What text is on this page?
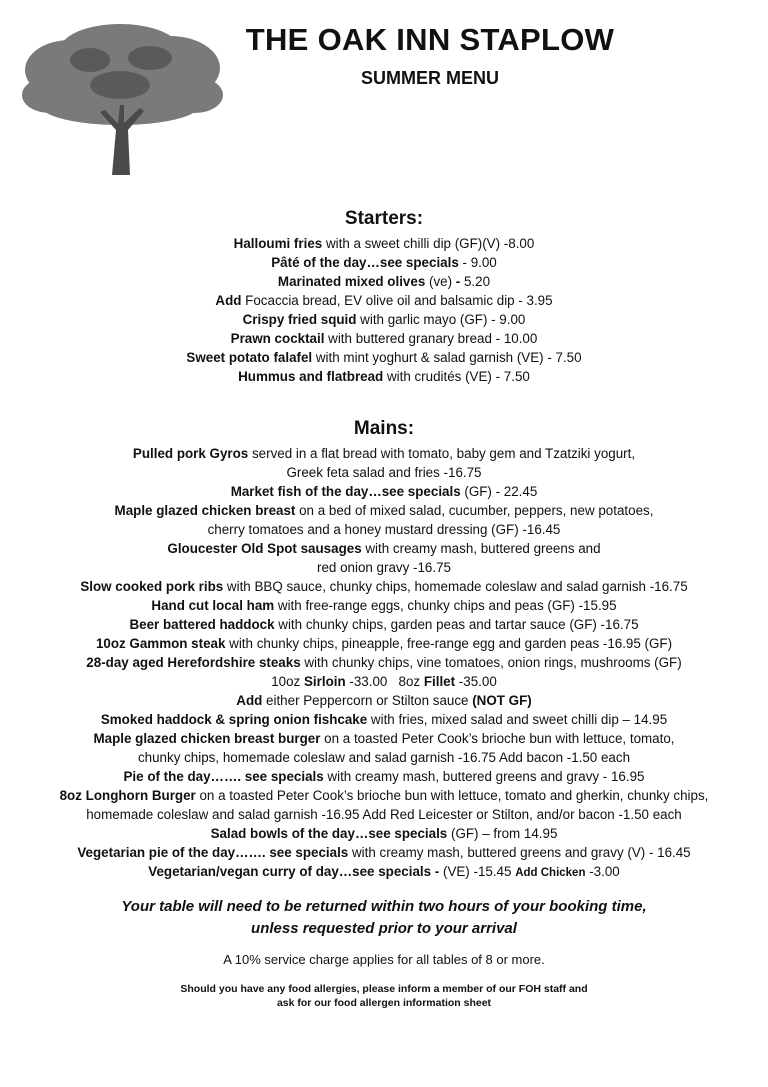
THE OAK INN STAPLOW
SUMMER MENU
Starters:
Halloumi fries with a sweet chilli dip (GF)(V) -8.00
Pâté of the day…see specials - 9.00
Marinated mixed olives (ve) - 5.20
Add Focaccia bread, EV olive oil and balsamic dip - 3.95
Crispy fried squid with garlic mayo (GF) - 9.00
Prawn cocktail with buttered granary bread - 10.00
Sweet potato falafel with mint yoghurt & salad garnish (VE) - 7.50
Hummus and flatbread with crudités (VE) - 7.50
Mains:
Pulled pork Gyros served in a flat bread with tomato, baby gem and Tzatziki yogurt,
Greek feta salad and fries -16.75
Market fish of the day…see specials (GF) - 22.45
Maple glazed chicken breast on a bed of mixed salad, cucumber, peppers, new potatoes,
cherry tomatoes and a honey mustard dressing (GF) -16.45
Gloucester Old Spot sausages with creamy mash, buttered greens and
red onion gravy -16.75
Slow cooked pork ribs with BBQ sauce, chunky chips, homemade coleslaw and salad garnish -16.75
Hand cut local ham with free-range eggs, chunky chips and peas (GF) -15.95
Beer battered haddock with chunky chips, garden peas and tartar sauce (GF) -16.75
10oz Gammon steak with chunky chips, pineapple, free-range egg and garden peas -16.95 (GF)
28-day aged Herefordshire steaks with chunky chips, vine tomatoes, onion rings, mushrooms (GF)
10oz Sirloin -33.00   8oz Fillet -35.00
Add either Peppercorn or Stilton sauce (NOT GF)
Smoked haddock & spring onion fishcake with fries, mixed salad and sweet chilli dip – 14.95
Maple glazed chicken breast burger on a toasted Peter Cook’s brioche bun with lettuce, tomato,
chunky chips, homemade coleslaw and salad garnish -16.75 Add bacon -1.50 each
Pie of the day……. see specials with creamy mash, buttered greens and gravy - 16.95
8oz Longhorn Burger on a toasted Peter Cook’s brioche bun with lettuce, tomato and gherkin, chunky chips,
homemade coleslaw and salad garnish -16.95 Add Red Leicester or Stilton, and/or bacon -1.50 each
Salad bowls of the day…see specials (GF) – from 14.95
Vegetarian pie of the day……. see specials with creamy mash, buttered greens and gravy (V) - 16.45
Vegetarian/vegan curry of day…see specials - (VE) -15.45 Add Chicken -3.00
Your table will need to be returned within two hours of your booking time,
unless requested prior to your arrival
A 10% service charge applies for all tables of 8 or more.
Should you have any food allergies, please inform a member of our FOH staff and
ask for our food allergen information sheet
